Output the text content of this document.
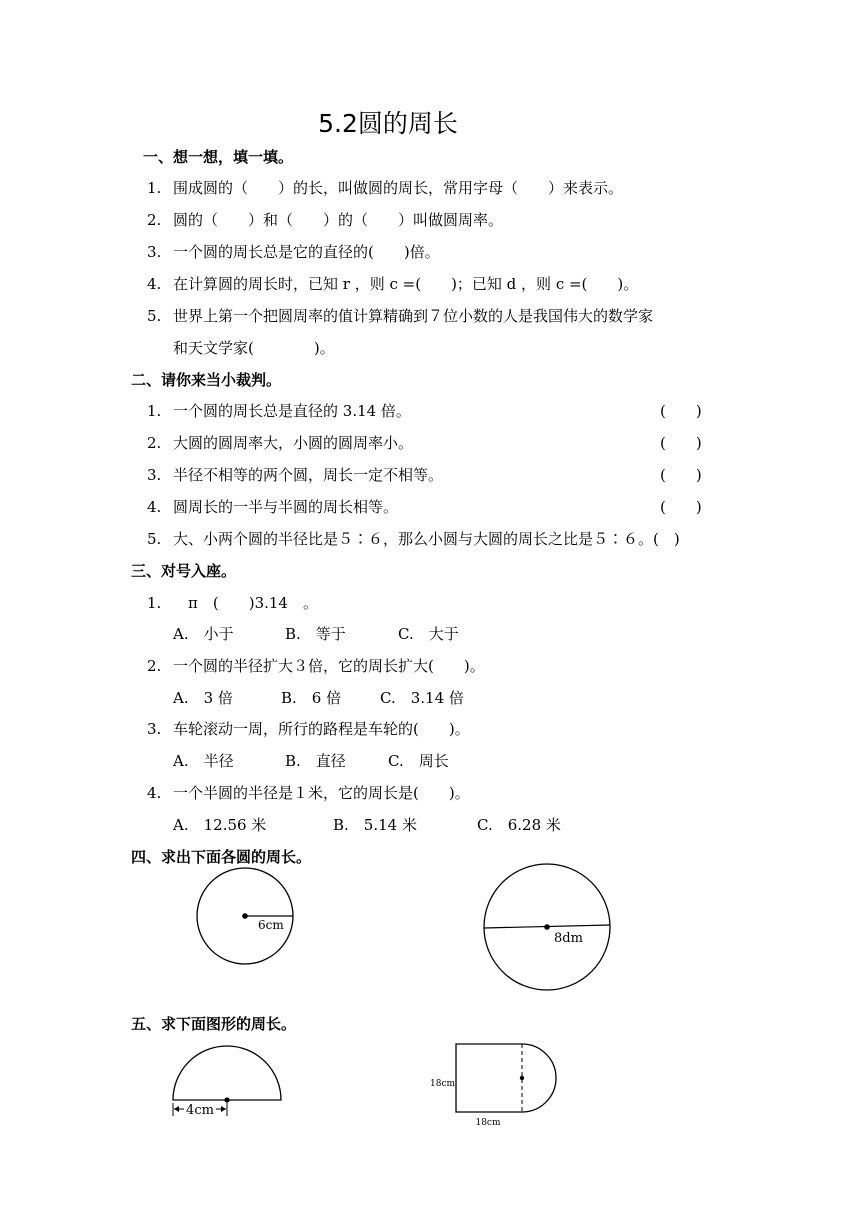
5.2圆的周长
一、想一想，填一填。
1. 围成圆的（　　）的长，叫做圆的周长，常用字母（　　）来表示。
2. 圆的（　　）和（　　）的（　　）叫做圆周率。
3. 一个圆的周长总是它的直径的(　　)倍。
4. 在计算圆的周长时，已知 r ，则 c =(　　)；已知 d ，则 c =(　　)。
5. 世界上第一个把圆周率的值计算精确到７位小数的人是我国伟大的数学家
和天文学家(　　　　)。
二、请你来当小裁判。
1. 一个圆的周长总是直径的 3.14 倍。	(　　)
2. 大圆的圆周率大，小圆的圆周率小。	(　　)
3. 半径不相等的两个圆，周长一定不相等。	(　　)
4. 圆周长的一半与半圆的周长相等。	(　　)
5. 大、小两个圆的半径比是５∶６，那么小圆与大圆的周长之比是５∶６。(　)
三、对号入座。
1.　π　(　　)3.14　。
A.　小于	B.　等于	C.　大于
2. 一个圆的半径扩大３倍，它的周长扩大(　　)。
A.　3 倍	B.　6 倍	C.　3.14 倍
3. 车轮滚动一周，所行的路程是车轮的(　　)。
A.　半径	B.　直径	C.　周长
4. 一个半圆的半径是１米，它的周长是(　　)。
A.　12.56 米	B.　5.14 米	C.　6.28 米
四、求出下面各圆的周长。
6cm
8dm
五、求下面图形的周长。
4cm
18cm
18cm
